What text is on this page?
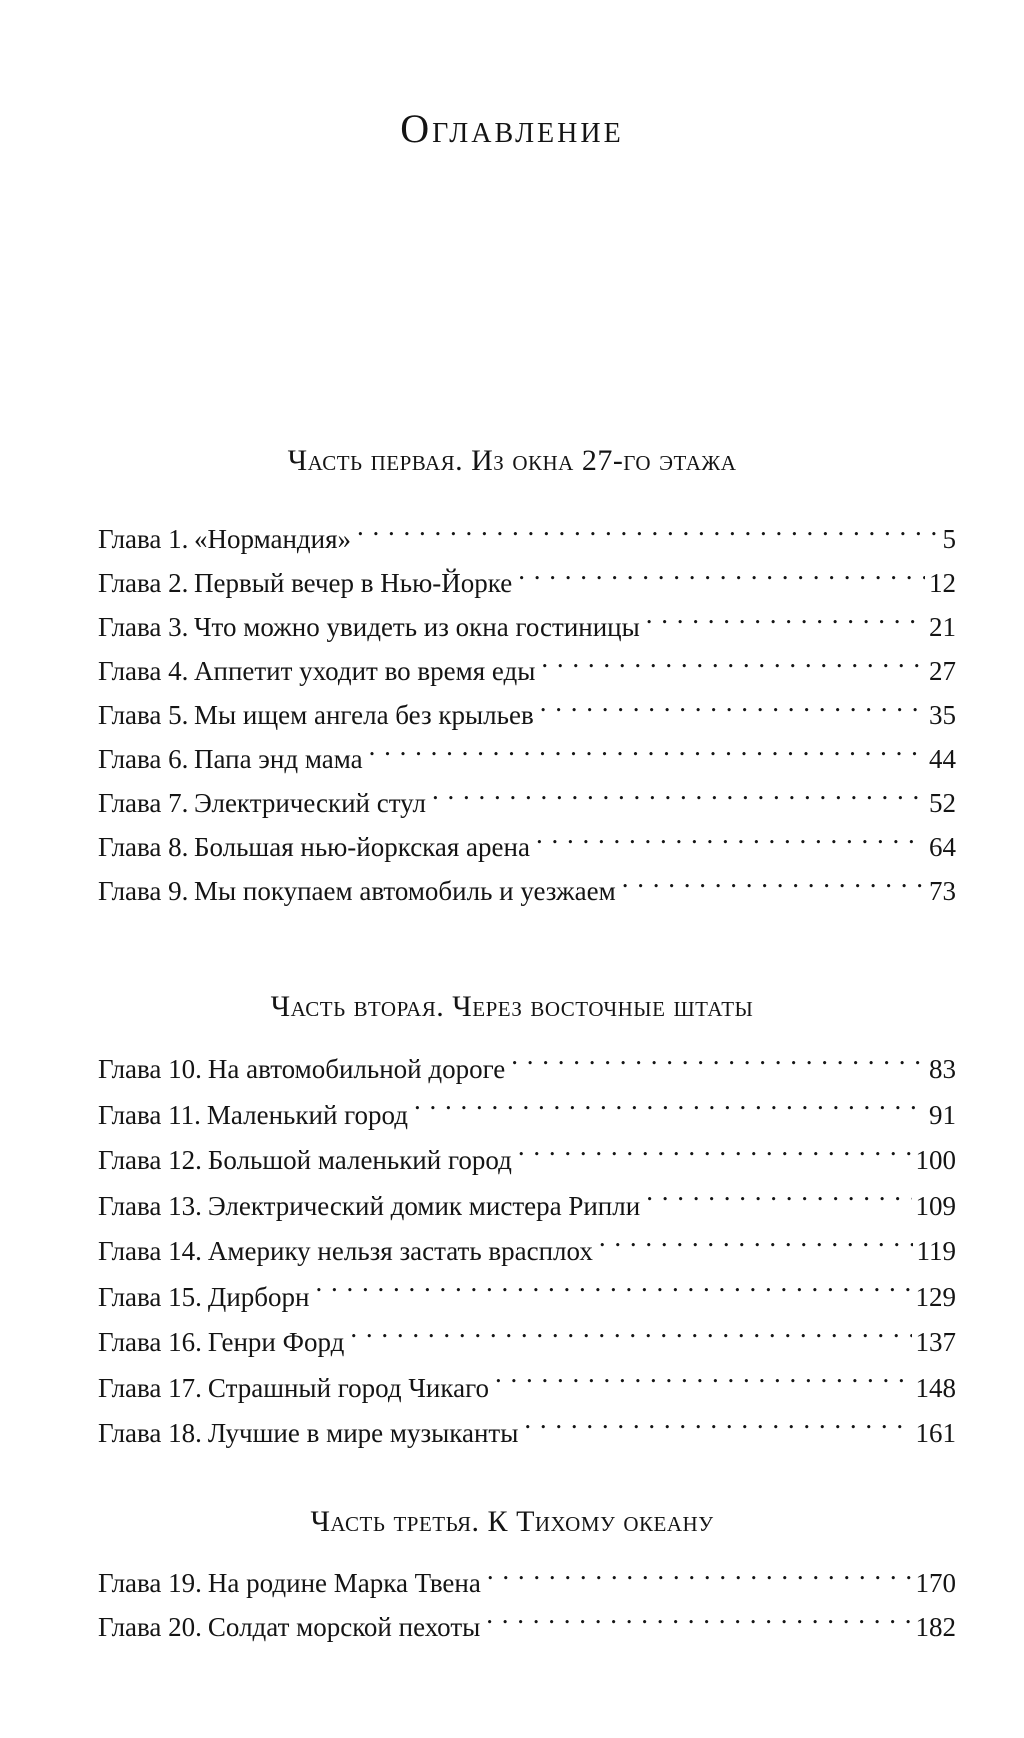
Оглавление
Часть первая. Из окна 27-го этажа
Глава 1. «Нормандия» . . .	5
Глава 2. Первый вечер в Нью-Йорке . . .	12
Глава 3. Что можно увидеть из окна гостиницы . . .	21
Глава 4. Аппетит уходит во время еды . . .	27
Глава 5. Мы ищем ангела без крыльев . . .	35
Глава 6. Папа энд мама . . .	44
Глава 7. Электрический стул . . .	52
Глава 8. Большая нью-йоркская арена . . .	64
Глава 9. Мы покупаем автомобиль и уезжаем . . .	73
Часть вторая. Через восточные штаты
Глава 10. На автомобильной дороге . . .	83
Глава 11. Маленький город . . .	91
Глава 12. Большой маленький город . . .	100
Глава 13. Электрический домик мистера Рипли . . .	109
Глава 14. Америку нельзя застать врасплох . . .	119
Глава 15. Дирборн . . .	129
Глава 16. Генри Форд . . .	137
Глава 17. Страшный город Чикаго . . .	148
Глава 18. Лучшие в мире музыканты . . .	161
Часть третья. К Тихому океану
Глава 19. На родине Марка Твена . . .	170
Глава 20. Солдат морской пехоты . . .	182
